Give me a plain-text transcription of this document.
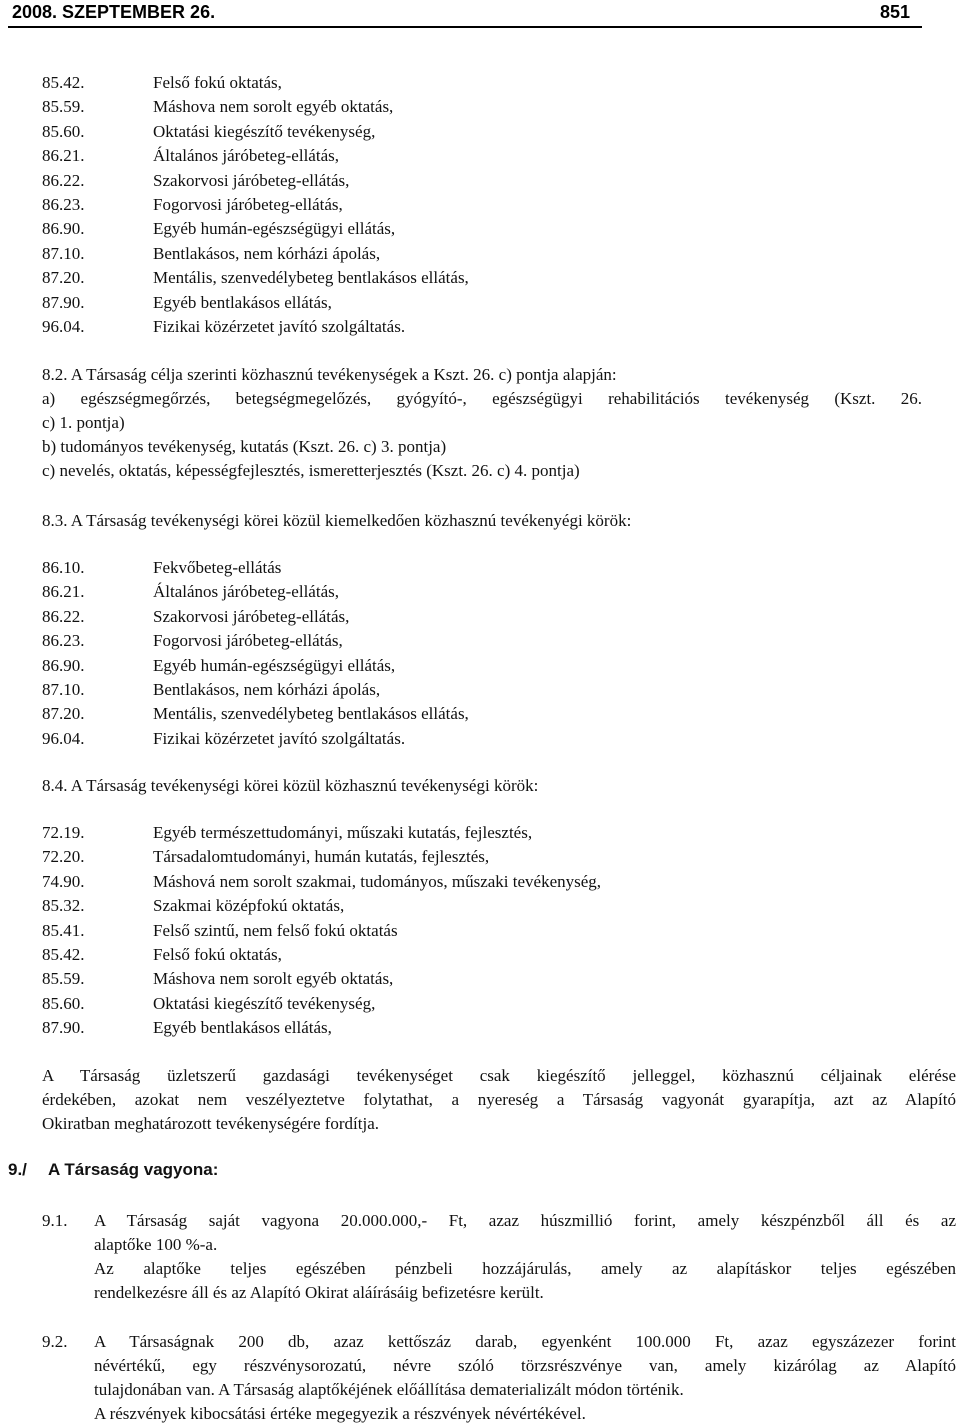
2008. SZEPTEMBER 26.	851
85.42.	Felső fokú oktatás,
85.59.	Máshova nem sorolt egyéb oktatás,
85.60.	Oktatási kiegészítő tevékenység,
86.21.	Általános járóbeteg-ellátás,
86.22.	Szakorvosi járóbeteg-ellátás,
86.23.	Fogorvosi járóbeteg-ellátás,
86.90.	Egyéb humán-egészségügyi ellátás,
87.10.	Bentlakásos, nem kórházi ápolás,
87.20.	Mentális, szenvedélybeteg bentlakásos ellátás,
87.90.	Egyéb bentlakásos ellátás,
96.04.	Fizikai közérzetet javító szolgáltatás.
8.2. A Társaság célja szerinti közhasznú tevékenységek a Kszt. 26. c) pontja alapján:
a) egészségmegőrzés, betegségmegelőzés, gyógyító-, egészségügyi rehabilitációs tevékenység (Kszt. 26.
c) 1. pontja)
b) tudományos tevékenység, kutatás (Kszt. 26. c) 3. pontja)
c) nevelés, oktatás, képességfejlesztés, ismeretterjesztés (Kszt. 26. c) 4. pontja)
8.3. A Társaság tevékenységi körei közül kiemelkedően közhasznú tevékenyégi körök:
86.10.	Fekvőbeteg-ellátás
86.21.	Általános járóbeteg-ellátás,
86.22.	Szakorvosi járóbeteg-ellátás,
86.23.	Fogorvosi járóbeteg-ellátás,
86.90.	Egyéb humán-egészségügyi ellátás,
87.10.	Bentlakásos, nem kórházi ápolás,
87.20.	Mentális, szenvedélybeteg bentlakásos ellátás,
96.04.	Fizikai közérzetet javító szolgáltatás.
8.4. A Társaság tevékenységi körei közül közhasznú tevékenységi körök:
72.19.	Egyéb természettudományi, műszaki kutatás, fejlesztés,
72.20.	Társadalomtudományi, humán kutatás, fejlesztés,
74.90.	Máshová nem sorolt szakmai, tudományos, műszaki tevékenység,
85.32.	Szakmai középfokú oktatás,
85.41.	Felső szintű, nem felső fokú oktatás
85.42.	Felső fokú oktatás,
85.59.	Máshova nem sorolt egyéb oktatás,
85.60.	Oktatási kiegészítő tevékenység,
87.90.	Egyéb bentlakásos ellátás,
A Társaság üzletszerű gazdasági tevékenységet csak kiegészítő jelleggel, közhasznú céljainak elérése
érdekében, azokat nem veszélyeztetve folytathat, a nyereség a Társaság vagyonát gyarapítja, azt az Alapító
Okiratban meghatározott tevékenységére fordítja.
9./ A Társaság vagyona:
9.1. A Társaság saját vagyona 20.000.000,- Ft, azaz húszmillió forint, amely készpénzből áll és az
alaptőke 100 %-a.
Az alaptőke teljes egészében pénzbeli hozzájárulás, amely az alapításkor teljes egészében
rendelkezésre áll és az Alapító Okirat aláírásáig befizetésre került.
9.2. A Társaságnak 200 db, azaz kettőszáz darab, egyenként 100.000 Ft, azaz egyszázezer forint
névértékű, egy részvénysorozatú, névre szóló törzsrészvénye van, amely kizárólag az Alapító
tulajdonában van. A Társaság alaptőkéjének előállítása dematerializált módon történik.
A részvények kibocsátási értéke megegyezik a részvények névértékével.
